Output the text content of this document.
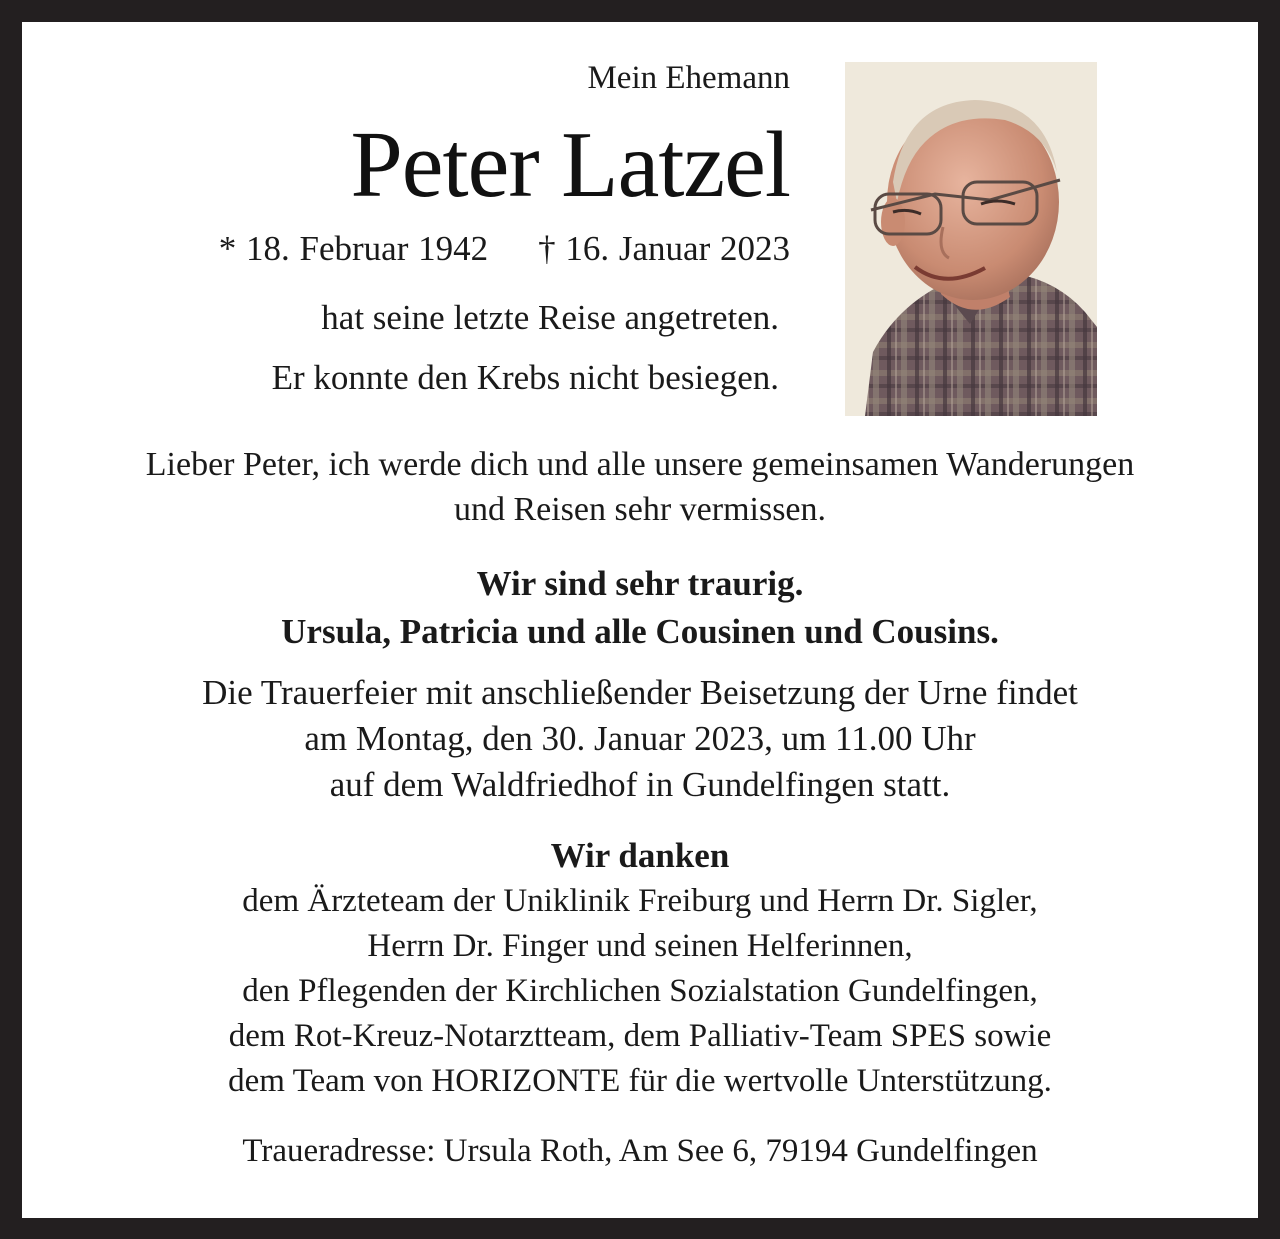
Mein Ehemann
Peter Latzel
* 18. Februar 1942 † 16. Januar 2023
hat seine letzte Reise angetreten.
Er konnte den Krebs nicht besiegen.
Lieber Peter, ich werde dich und alle unsere gemeinsamen Wanderungen
und Reisen sehr vermissen.
Wir sind sehr traurig.
Ursula, Patricia und alle Cousinen und Cousins.
Die Trauerfeier mit anschließender Beisetzung der Urne findet
am Montag, den 30. Januar 2023, um 11.00 Uhr
auf dem Waldfriedhof in Gundelfingen statt.
Wir danken
dem Ärzteteam der Uniklinik Freiburg und Herrn Dr. Sigler,
Herrn Dr. Finger und seinen Helferinnen,
den Pflegenden der Kirchlichen Sozialstation Gundelfingen,
dem Rot-Kreuz-Notarztteam, dem Palliativ-Team SPES sowie
dem Team von HORIZONTE für die wertvolle Unterstützung.
Traueradresse: Ursula Roth, Am See 6, 79194 Gundelfingen
